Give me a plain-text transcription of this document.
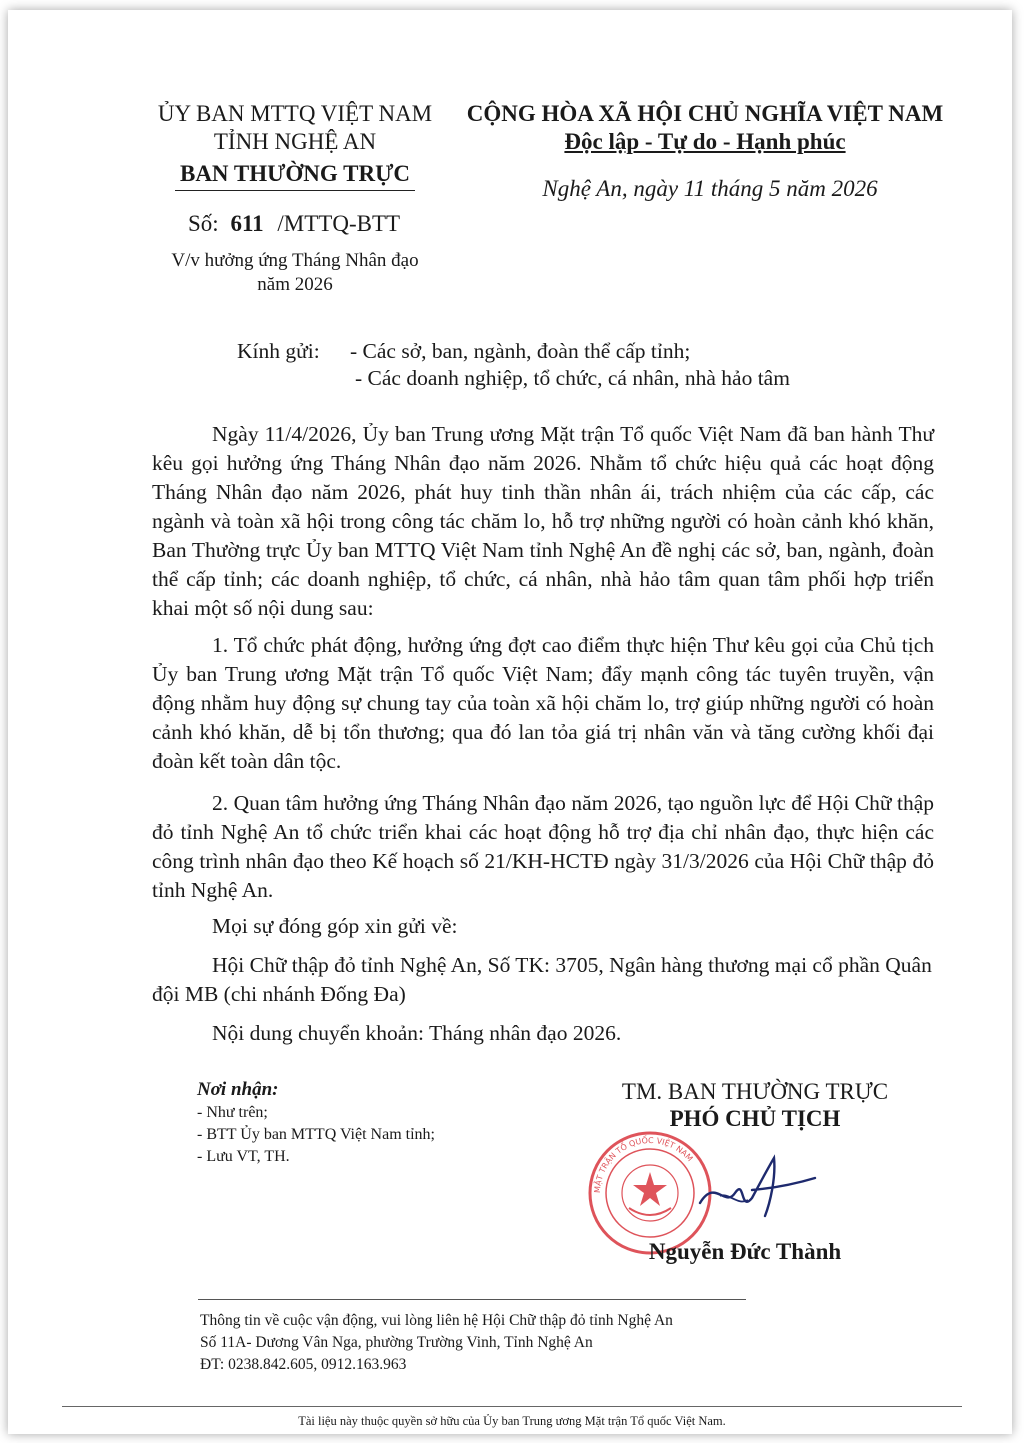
ỦY BAN MTTQ VIỆT NAM
TỈNH NGHỆ AN
BAN THƯỜNG TRỰC
Số: 611 /MTTQ-BTT
V/v hưởng ứng Tháng Nhân đạo
năm 2026
CỘNG HÒA XÃ HỘI CHỦ NGHĨA VIỆT NAM
Độc lập - Tự do - Hạnh phúc
Nghệ An, ngày 11 tháng 5 năm 2026
Kính gửi: - Các sở, ban, ngành, đoàn thể cấp tỉnh;
- Các doanh nghiệp, tổ chức, cá nhân, nhà hảo tâm
Ngày 11/4/2026, Ủy ban Trung ương Mặt trận Tổ quốc Việt Nam đã ban hành Thư kêu gọi hưởng ứng Tháng Nhân đạo năm 2026. Nhằm tổ chức hiệu quả các hoạt động Tháng Nhân đạo năm 2026, phát huy tinh thần nhân ái, trách nhiệm của các cấp, các ngành và toàn xã hội trong công tác chăm lo, hỗ trợ những người có hoàn cảnh khó khăn, Ban Thường trực Ủy ban MTTQ Việt Nam tỉnh Nghệ An đề nghị các sở, ban, ngành, đoàn thể cấp tỉnh; các doanh nghiệp, tổ chức, cá nhân, nhà hảo tâm quan tâm phối hợp triển khai một số nội dung sau:
1. Tổ chức phát động, hưởng ứng đợt cao điểm thực hiện Thư kêu gọi của Chủ tịch Ủy ban Trung ương Mặt trận Tổ quốc Việt Nam; đẩy mạnh công tác tuyên truyền, vận động nhằm huy động sự chung tay của toàn xã hội chăm lo, trợ giúp những người có hoàn cảnh khó khăn, dễ bị tổn thương; qua đó lan tỏa giá trị nhân văn và tăng cường khối đại đoàn kết toàn dân tộc.
2. Quan tâm hưởng ứng Tháng Nhân đạo năm 2026, tạo nguồn lực để Hội Chữ thập đỏ tỉnh Nghệ An tổ chức triển khai các hoạt động hỗ trợ địa chỉ nhân đạo, thực hiện các công trình nhân đạo theo Kế hoạch số 21/KH-HCTĐ ngày 31/3/2026 của Hội Chữ thập đỏ tỉnh Nghệ An.
Mọi sự đóng góp xin gửi về:
Hội Chữ thập đỏ tỉnh Nghệ An, Số TK: 3705, Ngân hàng thương mại cổ phần Quân đội MB (chi nhánh Đống Đa)
Nội dung chuyển khoản: Tháng nhân đạo 2026.
Nơi nhận:
- Như trên;
- BTT Ủy ban MTTQ Việt Nam tỉnh;
- Lưu VT, TH.
TM. BAN THƯỜNG TRỰC
PHÓ CHỦ TỊCH
MẶT TRẬN TỔ QUỐC VIỆT NAM
Nguyễn Đức Thành
Thông tin về cuộc vận động, vui lòng liên hệ Hội Chữ thập đỏ tỉnh Nghệ An
Số 11A- Dương Vân Nga, phường Trường Vinh, Tỉnh Nghệ An
ĐT: 0238.842.605, 0912.163.963
Tài liệu này thuộc quyền sở hữu của Ủy ban Trung ương Mặt trận Tổ quốc Việt Nam.
